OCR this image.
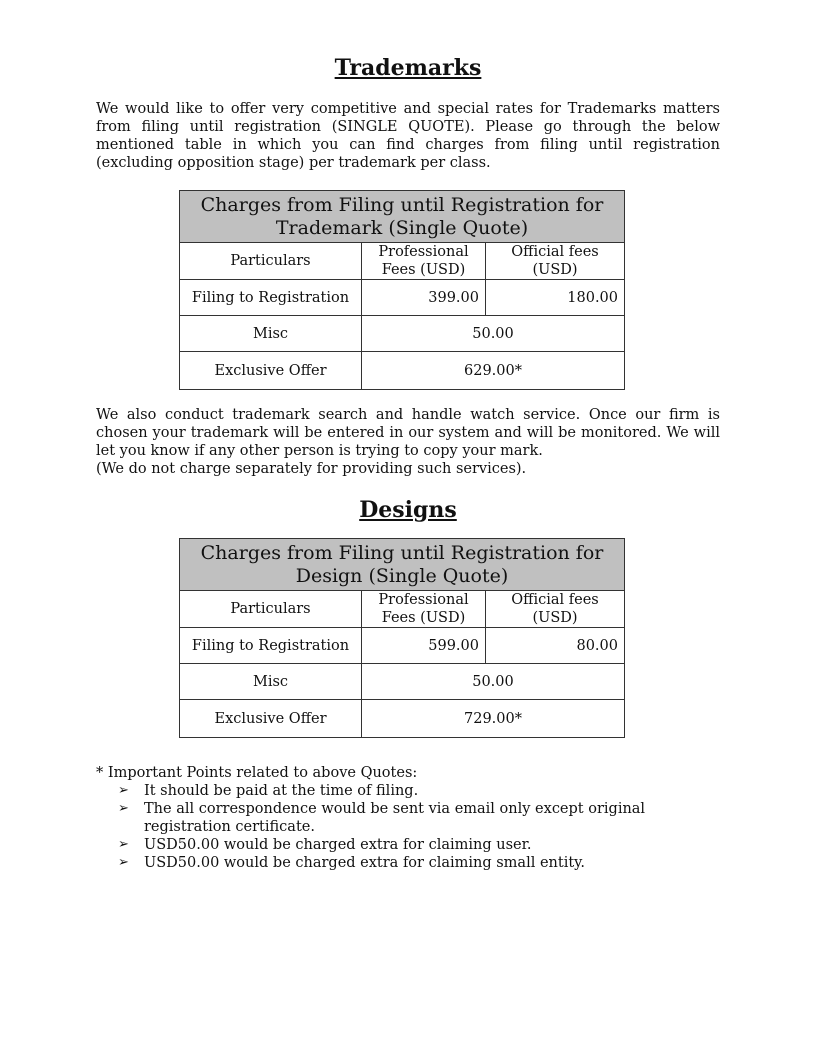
Trademarks

We would like to offer very competitive and special rates for Trademarks matters from filing until registration (SINGLE QUOTE). Please go through the below mentioned table in which you can find charges from filing until registration (excluding opposition stage) per trademark per class.

Charges from Filing until Registration for Trademark (Single Quote)		
Particulars	Professional Fees (USD)	Official fees (USD)
Filing to Registration	399.00	180.00
Misc	50.00	
Exclusive Offer	629.00*	

We also conduct trademark search and handle watch service. Once our firm is chosen your trademark will be entered in our system and will be monitored. We will let you know if any other person is trying to copy your mark.

(We do not charge separately for providing such services).

Designs
Charges from Filing until Registration for Design (Single Quote)		
Particulars	Professional Fees (USD)	Official fees (USD)
Filing to Registration	599.00	80.00
Misc	50.00	
Exclusive Offer	729.00*	
* Important Points related to above Quotes:
➢ It should be paid at the time of filing.
➢ The all correspondence would be sent via email only except original registration certificate.
➢ USD50.00 would be charged extra for claiming user.
➢ USD50.00 would be charged extra for claiming small entity.
